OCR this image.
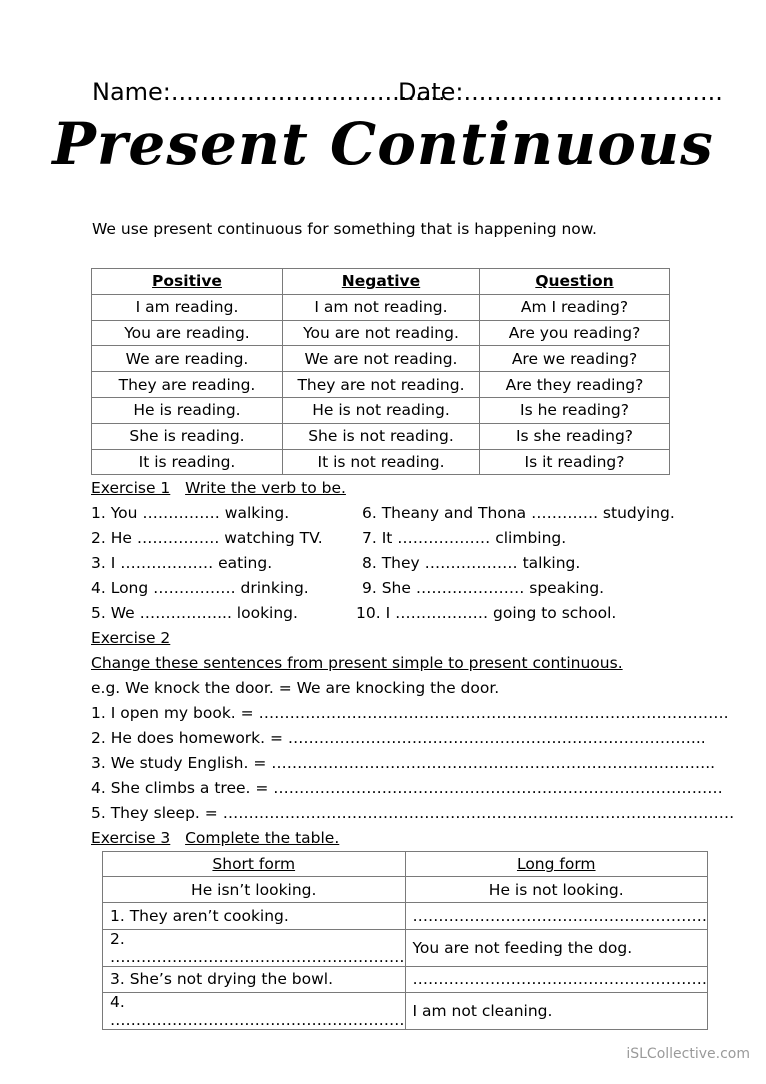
Name:....................................
Date:..................................
Present Continuous
We use present continuous for something that is happening now.
Positive	Negative	Question
I am reading.	I am not reading.	Am I reading?
You are reading.	You are not reading.	Are you reading?
We are reading.	We are not reading.	Are we reading?
They are reading.	They are not reading.	Are they reading?
He is reading.	He is not reading.	Is he reading?
She is reading.	She is not reading.	Is she reading?
It is reading.	It is not reading.	Is it reading?
Exercise 1 Write the verb to be.
1. You …………… walking.
2. He ……………. watching TV.
3. I ……………… eating.
4. Long ……………. drinking.
5. We ……………... looking.
6. Theany and Thona …………. studying.
7. It ……………… climbing.
8. They ……………… talking.
9. She ………………… speaking.
10. I ……………… going to school.
Exercise 2
Change these sentences from present simple to present continuous.
e.g. We knock the door. = We are knocking the door.
1. I open my book. = ……………………………………………………………………………….
2. He does homework. = ……………………………………………………………………...
3. We study English. = …………………………………………………………………………..
4. She climbs a tree. = ……………………………………………………………………………
5. They sleep. = ………………………………………………………………………………………
Exercise 3 Complete the table.
Short form	Long form
He isn’t looking.	He is not looking.
1. They aren’t cooking.	…………………………………………………
2. …………………………………………………	You are not feeding the dog.
3. She’s not drying the bowl.	…………………………………………………
4. …………………………………………………	I am not cleaning.
iSLCollective.com
